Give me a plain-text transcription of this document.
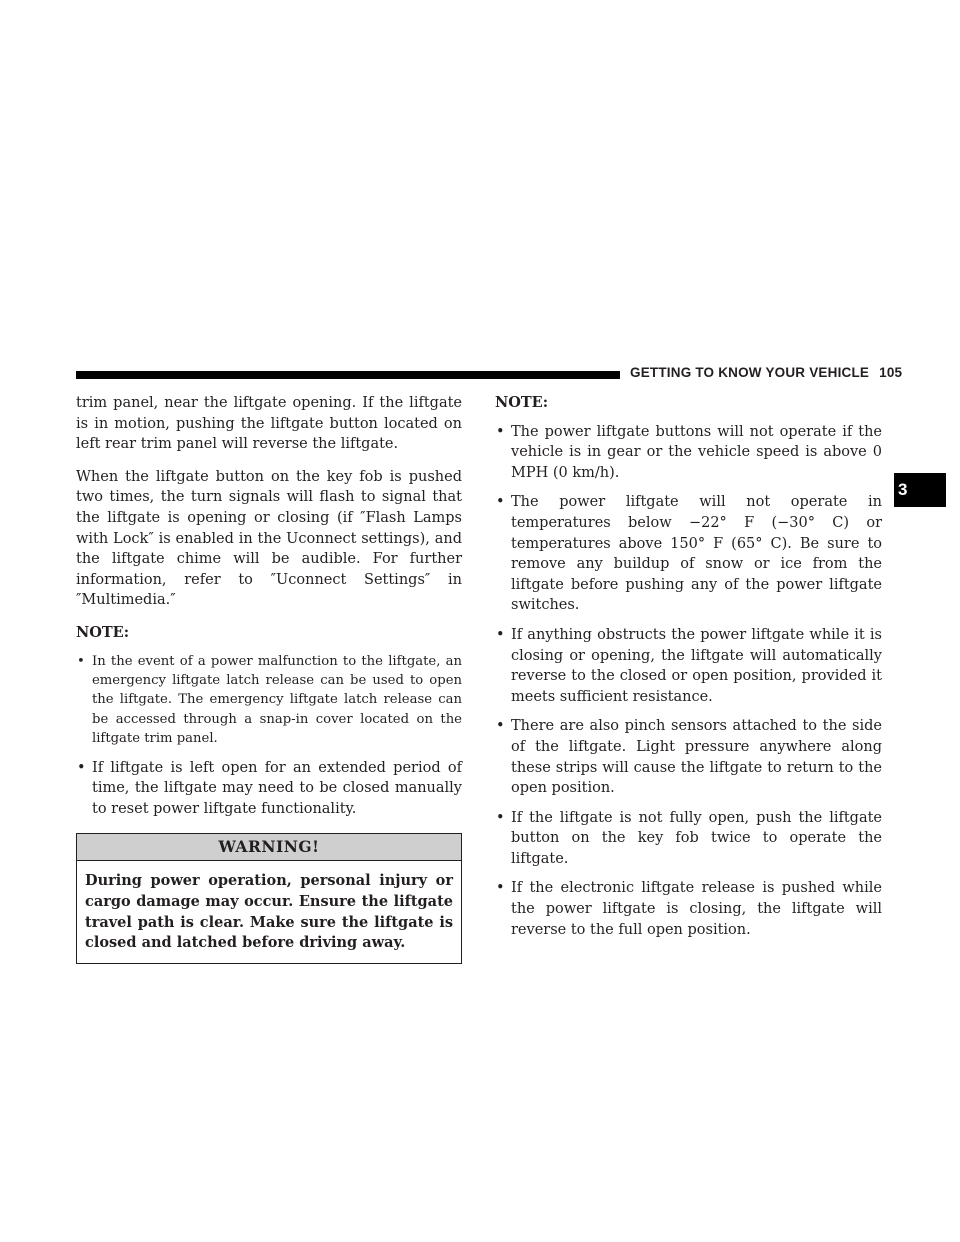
GETTING TO KNOW YOUR VEHICLE 105
3

trim panel, near the liftgate opening. If the liftgate is in motion, pushing the liftgate button located on left rear trim panel will reverse the liftgate.

When the liftgate button on the key fob is pushed two times, the turn signals will flash to signal that the liftgate is opening or closing (if ″Flash Lamps with Lock″ is enabled in the Uconnect settings), and the liftgate chime will be audible. For further information, refer to ″Uconnect Settings″ in ″Multimedia.″

NOTE:
• In the event of a power malfunction to the liftgate, an emergency liftgate latch release can be used to open the liftgate. The emergency liftgate latch release can be accessed through a snap-in cover located on the liftgate trim panel.
• If liftgate is left open for an extended period of time, the liftgate may need to be closed manually to reset power liftgate functionality.
WARNING!
During power operation, personal injury or cargo damage may occur. Ensure the liftgate travel path is clear. Make sure the liftgate is closed and latched before driving away.
NOTE:
• The power liftgate buttons will not operate if the vehicle is in gear or the vehicle speed is above 0 MPH (0 km/h).
• The power liftgate will not operate in temperatures below −22° F (−30° C) or temperatures above 150° F (65° C). Be sure to remove any buildup of snow or ice from the liftgate before pushing any of the power liftgate switches.
• If anything obstructs the power liftgate while it is closing or opening, the liftgate will automatically reverse to the closed or open position, provided it meets sufficient resistance.
• There are also pinch sensors attached to the side of the liftgate. Light pressure anywhere along these strips will cause the liftgate to return to the open position.
• If the liftgate is not fully open, push the liftgate button on the key fob twice to operate the liftgate.
• If the electronic liftgate release is pushed while the power liftgate is closing, the liftgate will reverse to the full open position.
